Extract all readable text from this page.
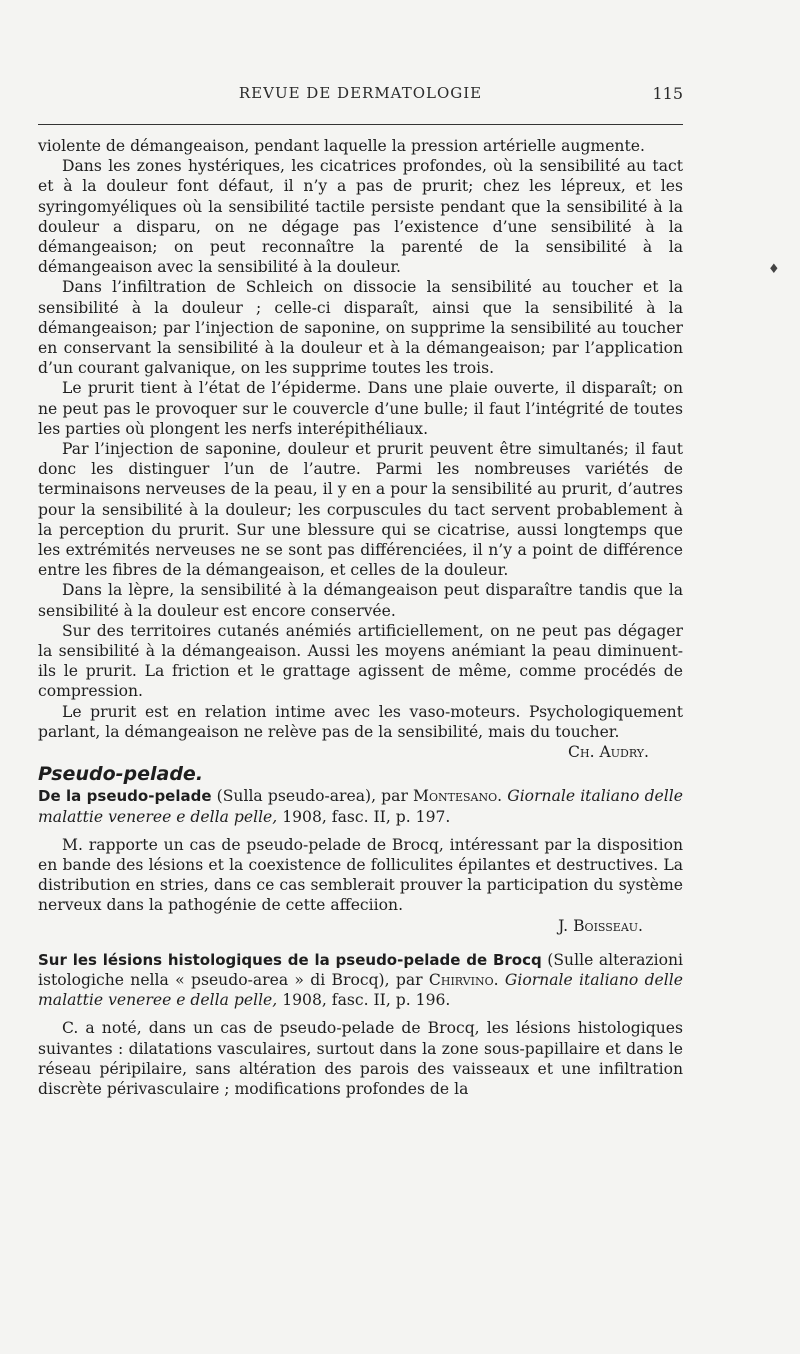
REVUE DE DERMATOLOGIE	115
♦

violente de démangeaison, pendant laquelle la pression artérielle augmente.

Dans les zones hystériques, les cicatrices profondes, où la sensibilité au tact et à la douleur font défaut, il n’y a pas de prurit; chez les lépreux, et les syringomyéliques où la sensibilité tactile persiste pendant que la sensibilité à la douleur a disparu, on ne dégage pas l’existence d’une sensibilité à la démangeaison; on peut reconnaître la parenté de la sensibilité à la démangeaison avec la sensibilité à la douleur.

Dans l’infiltration de Schleich on dissocie la sensibilité au toucher et la sensibilité à la douleur ; celle-ci disparaît, ainsi que la sensibilité à la démangeaison; par l’injection de saponine, on supprime la sensibilité au toucher en conservant la sensibilité à la douleur et à la démangeaison; par l’application d’un courant galvanique, on les supprime toutes les trois.

Le prurit tient à l’état de l’épiderme. Dans une plaie ouverte, il disparaît; on ne peut pas le provoquer sur le couvercle d’une bulle; il faut l’intégrité de toutes les parties où plongent les nerfs interépithéliaux.

Par l’injection de saponine, douleur et prurit peuvent être simultanés; il faut donc les distinguer l’un de l’autre. Parmi les nombreuses variétés de terminaisons nerveuses de la peau, il y en a pour la sensibilité au prurit, d’autres pour la sensibilité à la douleur; les corpuscules du tact servent probablement à la perception du prurit. Sur une blessure qui se cicatrise, aussi longtemps que les extrémités nerveuses ne se sont pas différenciées, il n’y a point de différence entre les fibres de la démangeaison, et celles de la douleur.

Dans la lèpre, la sensibilité à la démangeaison peut disparaître tandis que la sensibilité à la douleur est encore conservée.

Sur des territoires cutanés anémiés artificiellement, on ne peut pas dégager la sensibilité à la démangeaison. Aussi les moyens anémiant la peau diminuent-ils le prurit. La friction et le grattage agissent de même, comme procédés de compression.

Le prurit est en relation intime avec les vaso-moteurs. Psychologiquement parlant, la démangeaison ne relève pas de la sensibilité, mais du toucher.

Ch. Audry.

Pseudo-pelade.

De la pseudo-pelade (Sulla pseudo-area), par Montesano. Giornale italiano delle malattie veneree e della pelle, 1908, fasc. II, p. 197.

M. rapporte un cas de pseudo-pelade de Brocq, intéressant par la disposition en bande des lésions et la coexistence de folliculites épilantes et destructives. La distribution en stries, dans ce cas semblerait prouver la participation du système nerveux dans la pathogénie de cette affeciion.

J. Boisseau.

Sur les lésions histologiques de la pseudo-pelade de Brocq (Sulle alterazioni istologiche nella « pseudo-area » di Brocq), par Chirvino. Giornale italiano delle malattie veneree e della pelle, 1908, fasc. II, p. 196.

C. a noté, dans un cas de pseudo-pelade de Brocq, les lésions histologiques suivantes : dilatations vasculaires, surtout dans la zone sous-papillaire et dans le réseau péripilaire, sans altération des parois des vaisseaux et une infiltration discrète périvasculaire ; modifications profondes de la
